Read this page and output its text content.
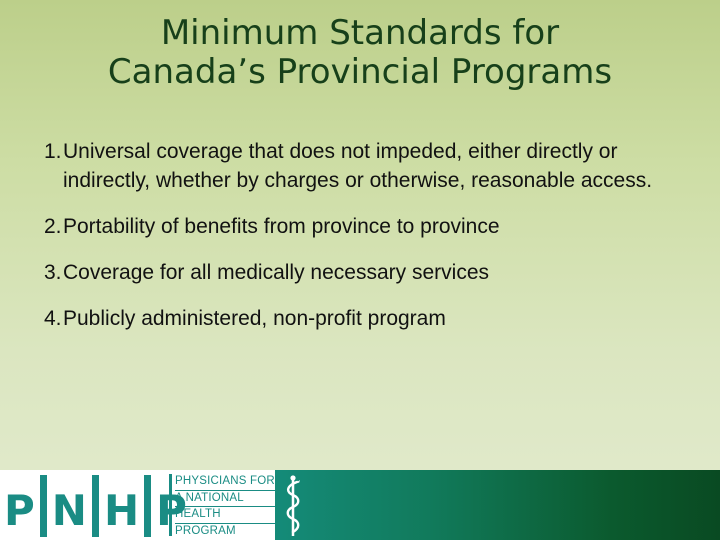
Minimum Standards for
Canada’s Provincial Programs
1. Universal coverage that does not impeded, either directly or indirectly, whether by charges or otherwise, reasonable access.
2. Portability of benefits from province to province
3. Coverage for all medically necessary services
4. Publicly administered, non-profit program
P N H P
PHYSICIANS FOR
A NATIONAL
HEALTH
PROGRAM
